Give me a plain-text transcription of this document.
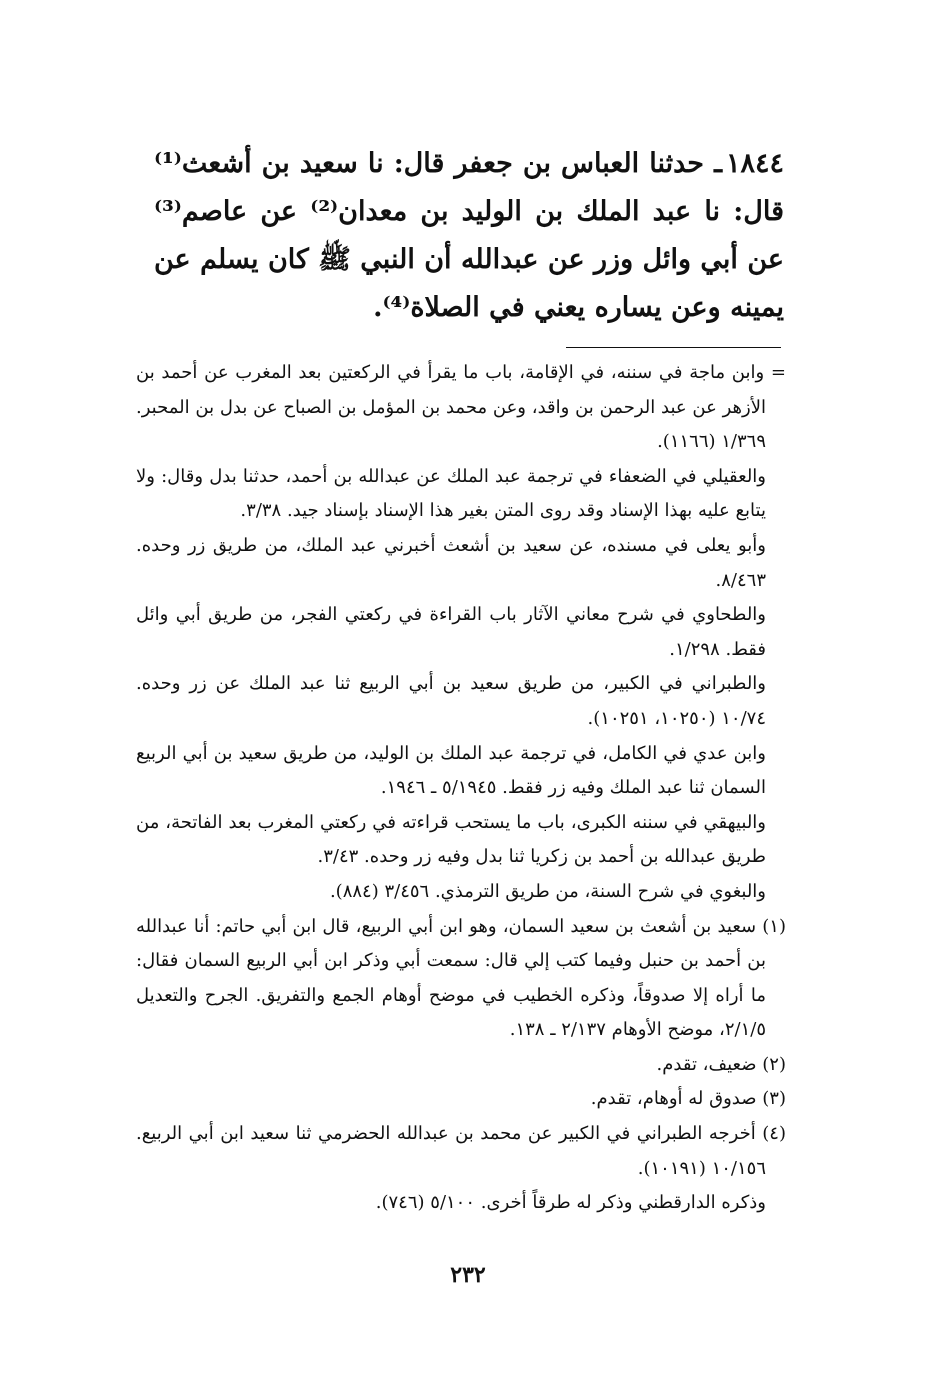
١٨٤٤ـ حدثنا العباس بن جعفر قال: نا سعيد بن أشعث⁽¹⁾ قال: نا عبد الملك بن الوليد بن معدان⁽²⁾ عن عاصم⁽³⁾ عن أبي وائل وزر عن عبدالله أن النبي ﷺ كان يسلم عن يمينه وعن يساره يعني في الصلاة⁽⁴⁾.

= وابن ماجة في سننه، في الإقامة، باب ما يقرأ في الركعتين بعد المغرب عن أحمد بن الأزهر عن عبد الرحمن بن واقد، وعن محمد بن المؤمل بن الصباح عن بدل بن المحبر. ١/٣٦٩ (١١٦٦).

والعقيلي في الضعفاء في ترجمة عبد الملك عن عبدالله بن أحمد، حدثنا بدل وقال: ولا يتابع عليه بهذا الإسناد وقد روى المتن بغير هذا الإسناد بإسناد جيد. ٣/٣٨.

وأبو يعلى في مسنده، عن سعيد بن أشعث أخبرني عبد الملك، من طريق زر وحده. ٨/٤٦٣.

والطحاوي في شرح معاني الآثار باب القراءة في ركعتي الفجر، من طريق أبي وائل فقط. ١/٢٩٨.

والطبراني في الكبير، من طريق سعيد بن أبي الربيع ثنا عبد الملك عن زر وحده. ١٠/٧٤ (١٠٢٥٠، ١٠٢٥١).

وابن عدي في الكامل، في ترجمة عبد الملك بن الوليد، من طريق سعيد بن أبي الربيع السمان ثنا عبد الملك وفيه زر فقط. ٥/١٩٤٥ ـ ١٩٤٦.

والبيهقي في سننه الكبرى، باب ما يستحب قراءته في ركعتي المغرب بعد الفاتحة، من طريق عبدالله بن أحمد بن زكريا ثنا بدل وفيه زر وحده. ٣/٤٣.

والبغوي في شرح السنة، من طريق الترمذي. ٣/٤٥٦ (٨٨٤).

(١) سعيد بن أشعث بن سعيد السمان، وهو ابن أبي الربيع، قال ابن أبي حاتم: أنا عبدالله بن أحمد بن حنبل وفيما كتب إلي قال: سمعت أبي وذكر ابن أبي الربيع السمان فقال: ما أراه إلا صدوقاً، وذكره الخطيب في موضح أوهام الجمع والتفريق. الجرح والتعديل ٢/١/٥، موضح الأوهام ٢/١٣٧ ـ ١٣٨.

(٢) ضعيف، تقدم.

(٣) صدوق له أوهام، تقدم.

(٤) أخرجه الطبراني في الكبير عن محمد بن عبدالله الحضرمي ثنا سعيد ابن أبي الربيع. ١٠/١٥٦ (١٠١٩١).

وذكره الدارقطني وذكر له طرقاً أخرى. ٥/١٠٠ (٧٤٦).

٢٣٢
